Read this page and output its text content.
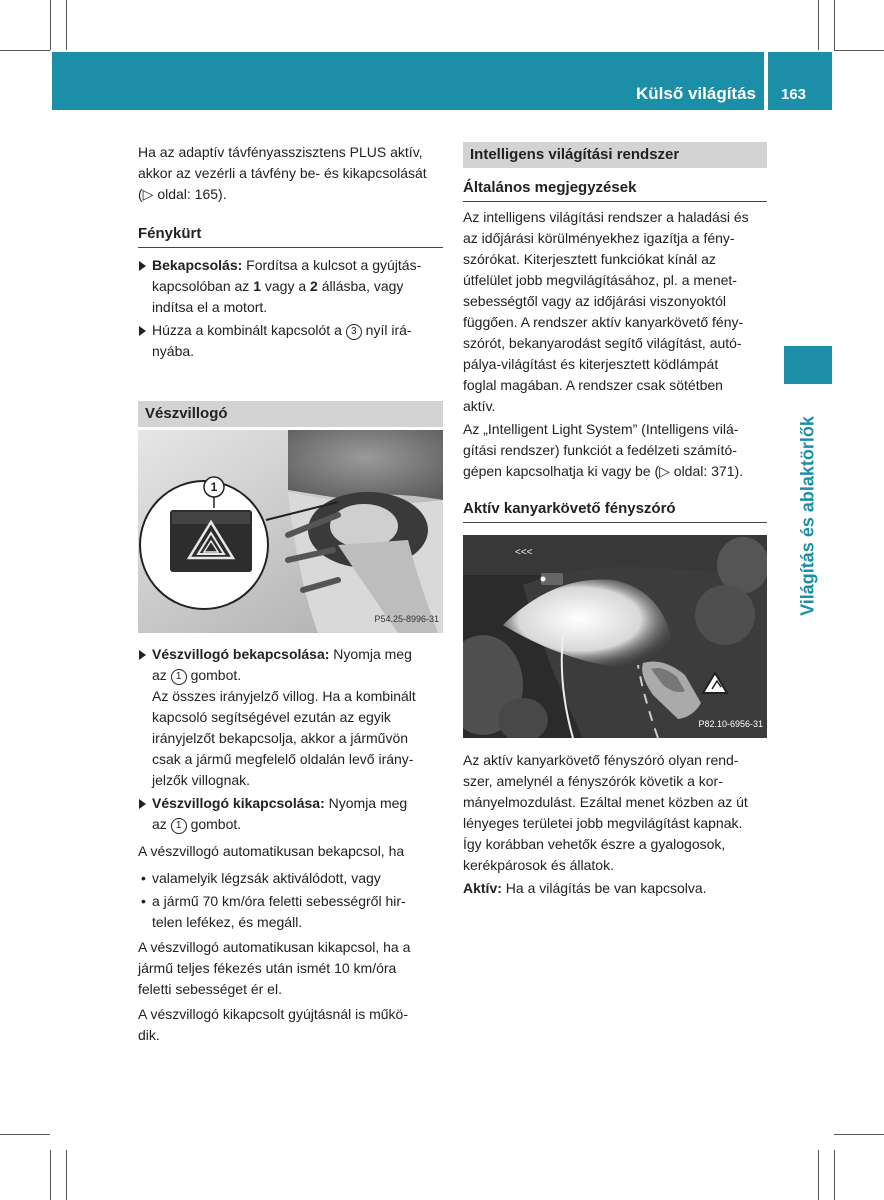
Külső világítás 163
Világítás és ablaktörlők

Ha az adaptív távfényasszisztens PLUS aktív,
akkor az vezérli a távfény be- és kikapcsolását
(▷ oldal: 165).

Fénykürt
Bekapcsolás: Fordítsa a kulcsot a gyújtás-
kapcsolóban az 1 vagy a 2 állásba, vagy
indítsa el a motort.
Húzza a kombinált kapcsolót a 3 nyíl irá-
nyába.
Vészvillogó
1
P54.25-8996-31
Vészvillogó bekapcsolása: Nyomja meg
az 1 gombot.
Az összes irányjelző villog. Ha a kombinált
kapcsoló segítségével ezután az egyik
irányjelzőt bekapcsolja, akkor a járművön
csak a jármű megfelelő oldalán levő irány-
jelzők villognak.
Vészvillogó kikapcsolása: Nyomja meg
az 1 gombot.

A vészvillogó automatikusan bekapcsol, ha

• valamelyik légzsák aktiválódott, vagy
• a jármű 70 km/óra feletti sebességről hir-
telen lefékez, és megáll.

A vészvillogó automatikusan kikapcsol, ha a
jármű teljes fékezés után ismét 10 km/óra
feletti sebességet ér el.

A vészvillogó kikapcsolt gyújtásnál is műkö-
dik.

Intelligens világítási rendszer
Általános megjegyzések

Az intelligens világítási rendszer a haladási és
az időjárási körülményekhez igazítja a fény-
szórókat. Kiterjesztett funkciókat kínál az
útfelület jobb megvilágításához, pl. a menet-
sebességtől vagy az időjárási viszonyoktól
függően. A rendszer aktív kanyarkövető fény-
szórót, bekanyarodást segítő világítást, autó-
pálya-világítást és kiterjesztett ködlámpát
foglal magában. A rendszer csak sötétben
aktív.

Az „Intelligent Light System” (Intelligens vilá-
gítási rendszer) funkciót a fedélzeti számító-
gépen kapcsolhatja ki vagy be (▷ oldal: 371).

Aktív kanyarkövető fényszóró
<<<
P82.10-6956-31

Az aktív kanyarkövető fényszóró olyan rend-
szer, amelynél a fényszórók követik a kor-
mányelmozdulást. Ezáltal menet közben az út
lényeges területei jobb megvilágítást kapnak.
Így korábban vehetők észre a gyalogosok,
kerékpárosok és állatok.

Aktív: Ha a világítás be van kapcsolva.
